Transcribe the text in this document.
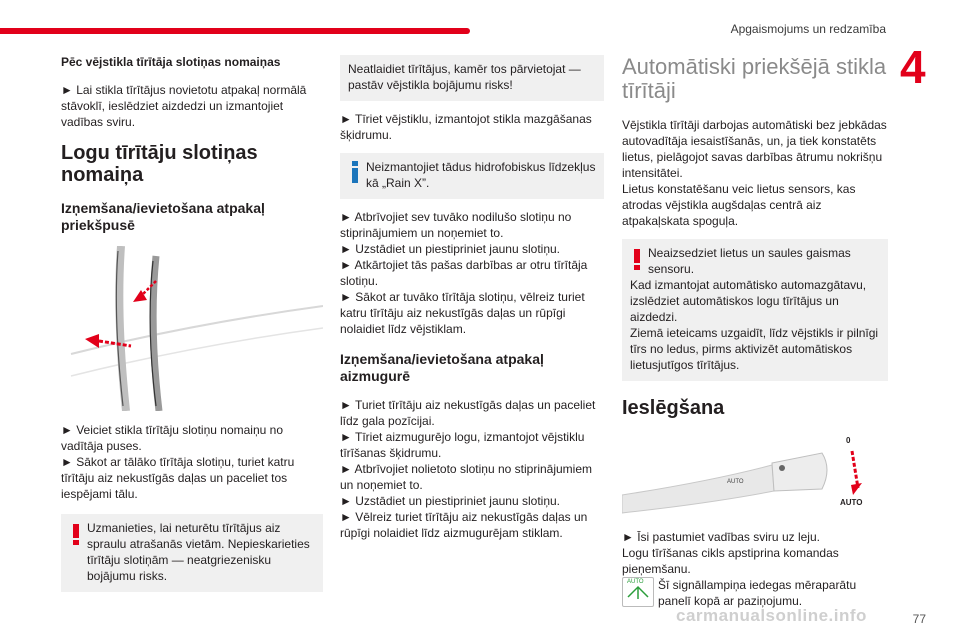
Apgaismojums un redzamība
4

Pēc vējstikla tīrītāja slotiņas nomaiņas

► Lai stikla tīrītājus novietotu atpakaļ normālā stāvoklī, ieslēdziet aizdedzi un izmantojiet vadības sviru.

Logu tīrītāju slotiņas nomaiņa
Izņemšana/ievietošana atpakaļ priekšpusē

► Veiciet stikla tīrītāju slotiņu nomaiņu no vadītāja puses.

► Sākot ar tālāko tīrītāja slotiņu, turiet katru tīrītāju aiz nekustīgās daļas un paceliet tos iespējami tālu.

Uzmanieties, lai neturētu tīrītājus aiz spraulu atrašanās vietām. Nepieskarieties tīrītāju slotiņām — neatgriezenisku bojājumu risks.
Neatlaidiet tīrītājus, kamēr tos pārvietojat — pastāv vējstikla bojājumu risks!

► Tīriet vējstiklu, izmantojot stikla mazgāšanas šķidrumu.

Neizmantojiet tādus hidrofobiskus līdzekļus kā „Rain X”.

► Atbrīvojiet sev tuvāko nodilušo slotiņu no stiprinājumiem un noņemiet to.

► Uzstādiet un piestipriniet jaunu slotiņu.

► Atkārtojiet tās pašas darbības ar otru tīrītāja slotiņu.

► Sākot ar tuvāko tīrītāja slotiņu, vēlreiz turiet katru tīrītāju aiz nekustīgās daļas un rūpīgi nolaidiet līdz vējstiklam.

Izņemšana/ievietošana atpakaļ aizmugurē

► Turiet tīrītāju aiz nekustīgās daļas un paceliet līdz gala pozīcijai.

► Tīriet aizmugurējo logu, izmantojot vējstiklu tīrīšanas šķidrumu.

► Atbrīvojiet nolietoto slotiņu no stiprinājumiem un noņemiet to.

► Uzstādiet un piestipriniet jaunu slotiņu.

► Vēlreiz turiet tīrītāju aiz nekustīgās daļas un rūpīgi nolaidiet līdz aizmugurējam stiklam.

Automātiski priekšējā stikla tīrītāji

Vējstikla tīrītāji darbojas automātiski bez jebkādas autovadītāja iesaistīšanās, un, ja tiek konstatēts lietus, pielāgojot savas darbības ātrumu nokrišņu intensitātei.

Lietus konstatēšanu veic lietus sensors, kas atrodas vējstikla augšdaļas centrā aiz atpakaļskata spoguļa.

Neaizsedziet lietus un saules gaismas sensoru.
Kad izmantojat automātisko automazgātavu, izslēdziet automātiskos logu tīrītājus un aizdedzi.
Ziemā ieteicams uzgaidīt, līdz vējstikls ir pilnīgi tīrs no ledus, pirms aktivizēt automātiskos lietusjutīgos tīrītājus.
Ieslēgšana
AUTO
0
AUTO

► Īsi pastumiet vadības sviru uz leju.

Logu tīrīšanas cikls apstiprina komandas pieņemšanu.

AUTO Šī signāllampiņa iedegas mēraparātu panelī kopā ar paziņojumu.

carmanualsonline.info	77
